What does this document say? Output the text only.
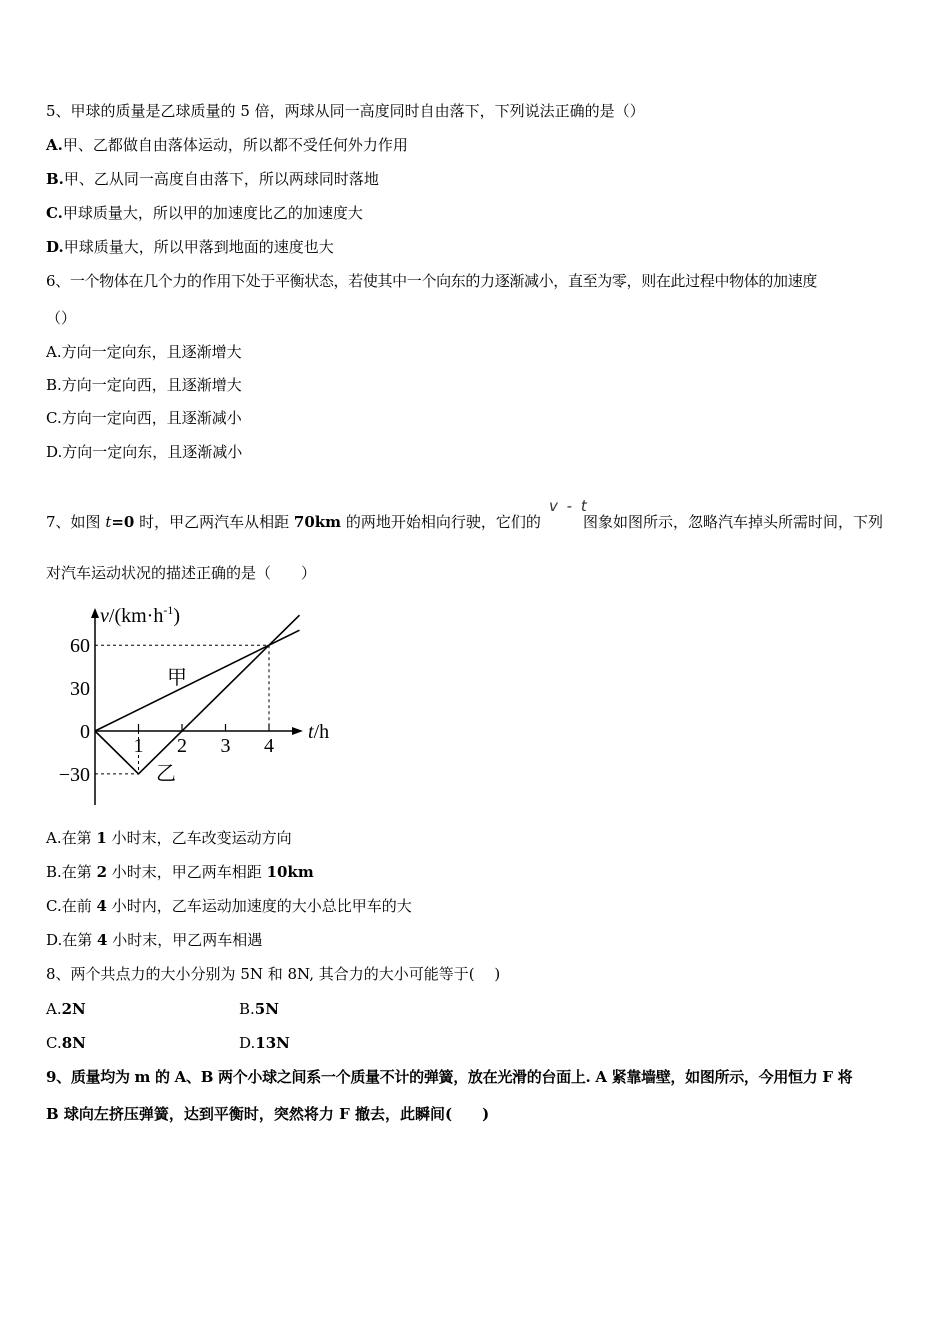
5、甲球的质量是乙球质量的 5 倍，两球从同一高度同时自由落下，下列说法正确的是（）
A.甲、乙都做自由落体运动，所以都不受任何外力作用
B.甲、乙从同一高度自由落下，所以两球同时落地
C.甲球质量大，所以甲的加速度比乙的加速度大
D.甲球质量大，所以甲落到地面的速度也大
6、一个物体在几个力的作用下处于平衡状态，若使其中一个向东的力逐渐减小，直至为零，则在此过程中物体的加速度
（）
A.方向一定向东，且逐渐增大
B.方向一定向西，且逐渐增大
C.方向一定向西，且逐渐减小
D.方向一定向东，且逐渐减小
7、如图 t=0 时，甲乙两汽车从相距 70km 的两地开始相向行驶，它们的
v - t
图象如图所示，忽略汽车掉头所需时间，下列
对汽车运动状况的描述正确的是（　　）
1 2 3 4
60
30
0
−30
$v/(km\cdot h^{-1})$
t/h
甲
乙
A.在第 1 小时末，乙车改变运动方向
B.在第 2 小时末，甲乙两车相距 10km
C.在前 4 小时内，乙车运动加速度的大小总比甲车的大
D.在第 4 小时末，甲乙两车相遇
8、两个共点力的大小分别为 5N 和 8N, 其合力的大小可能等于(　 )
A.2N	B.5N
C.8N	D.13N
9、质量均为 m 的 A、B 两个小球之间系一个质量不计的弹簧，放在光滑的台面上. A 紧靠墙壁，如图所示，今用恒力 F 将
B 球向左挤压弹簧，达到平衡时，突然将力 F 撤去，此瞬间(　　)
